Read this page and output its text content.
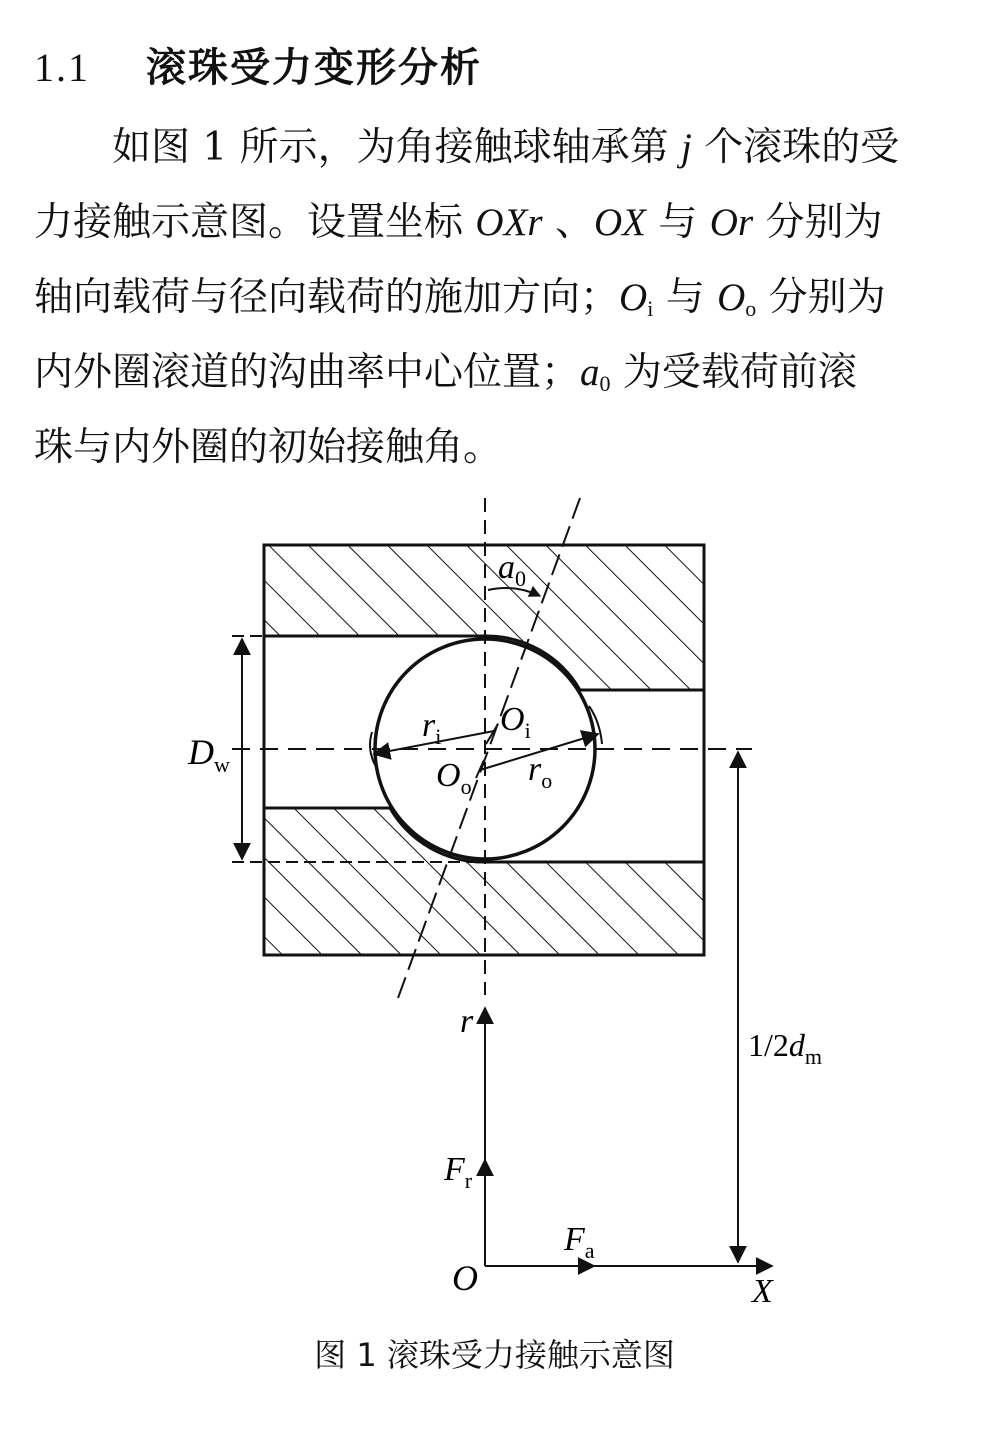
1.1 滚珠受力变形分析
　　如图 1 所示，为角接触球轴承第 j 个滚珠的受
力接触示意图。设置坐标 OXr 、OX 与 Or 分别为
轴向载荷与径向载荷的施加方向；$O_i$ 与 $O_o$ 分别为
内外圈滚道的沟曲率中心位置；$a_0$ 为受载荷前滚
珠与内外圈的初始接触角。
$a_0$
$r_i$ $O_i$
$O_o$ $r_o$
$D_w$
r
$F_r$
$F_a$
O	X
$1/2d_m$
图 1 滚珠受力接触示意图
